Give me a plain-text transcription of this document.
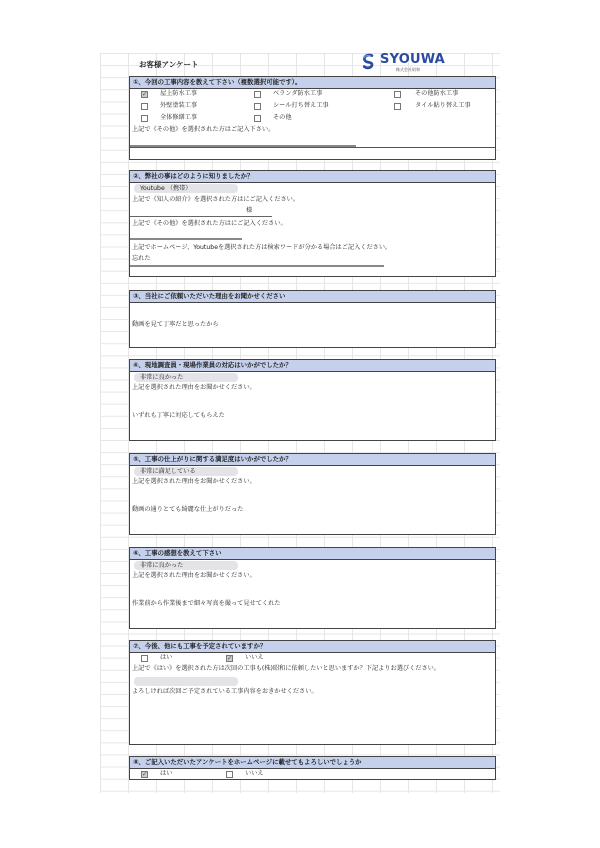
お客様アンケート	SYOUWA
株式会社昭和
①、今回の工事内容を教えて下さい（複数選択可能です）。
✓
屋上防水工事	ベランダ防水工事	その他防水工事
外壁塗装工事	シール打ち替え工事	タイル貼り替え工事
全体修繕工事	その他
上記で《その他》を選択された方はご記入下さい。
②、弊社の事はどのように知りましたか？
Youtube （携帯）
上記で《知人の紹介》を選択された方はにご記入ください。
様
上記で《その他》を選択された方はにご記入ください。
上記でホームページ、Youtubeを選択された方は検索ワードが分かる場合はご記入ください。
忘れた
③、当社にご依頼いただいた理由をお聞かせください
動画を見て丁寧だと思ったから
④、現地調査員・現場作業員の対応はいかがでしたか？
非常に良かった
上記を選択された理由をお聞かせください。
いずれも丁寧に対応してもらえた
⑤、工事の仕上がりに関する満足度はいかがでしたか？
非常に満足している
上記を選択された理由をお聞かせください。
動画の通りとても綺麗な仕上がりだった
⑥、工事の感想を教えて下さい
非常に良かった
上記を選択された理由をお聞かせください。
作業前から作業後まで細々写真を撮って見せてくれた
⑦、今後、他にも工事を予定されていますか？
はい
✓	いいえ
上記で《はい》を選択された方は次回の工事も(株)昭和に依頼したいと思いますか？下記よりお選びください。
よろしければ次回ご予定されている工事内容をおきかせください。
⑧、ご記入いただいたアンケートをホームページに載せてもよろしいでしょうか
✓
はい	いいえ
